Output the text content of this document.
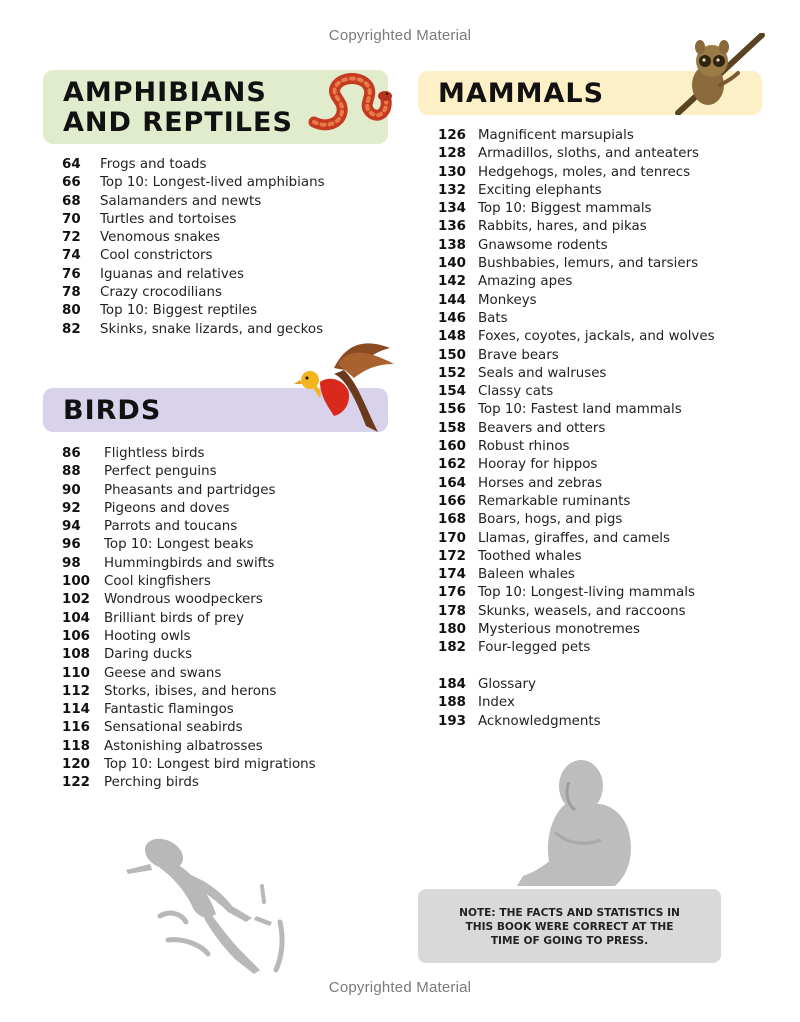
Copyrighted Material
AMPHIBIANS
AND REPTILES
64 Frogs and toads
66 Top 10: Longest-lived amphibians
68 Salamanders and newts
70 Turtles and tortoises
72 Venomous snakes
74 Cool constrictors
76 Iguanas and relatives
78 Crazy crocodilians
80 Top 10: Biggest reptiles
82 Skinks, snake lizards, and geckos
BIRDS
86 Flightless birds
88 Perfect penguins
90 Pheasants and partridges
92 Pigeons and doves
94 Parrots and toucans
96 Top 10: Longest beaks
98 Hummingbirds and swifts
100 Cool kingfishers
102 Wondrous woodpeckers
104 Brilliant birds of prey
106 Hooting owls
108 Daring ducks
110 Geese and swans
112 Storks, ibises, and herons
114 Fantastic flamingos
116 Sensational seabirds
118 Astonishing albatrosses
120 Top 10: Longest bird migrations
122 Perching birds
MAMMALS
126 Magnificent marsupials
128 Armadillos, sloths, and anteaters
130 Hedgehogs, moles, and tenrecs
132 Exciting elephants
134 Top 10: Biggest mammals
136 Rabbits, hares, and pikas
138 Gnawsome rodents
140 Bushbabies, lemurs, and tarsiers
142 Amazing apes
144 Monkeys
146 Bats
148 Foxes, coyotes, jackals, and wolves
150 Brave bears
152 Seals and walruses
154 Classy cats
156 Top 10: Fastest land mammals
158 Beavers and otters
160 Robust rhinos
162 Hooray for hippos
164 Horses and zebras
166 Remarkable ruminants
168 Boars, hogs, and pigs
170 Llamas, giraffes, and camels
172 Toothed whales
174 Baleen whales
176 Top 10: Longest-living mammals
178 Skunks, weasels, and raccoons
180 Mysterious monotremes
182 Four-legged pets
184 Glossary
188 Index
193 Acknowledgments
NOTE: THE FACTS AND STATISTICS IN
THIS BOOK WERE CORRECT AT THE
TIME OF GOING TO PRESS.
Copyrighted Material
